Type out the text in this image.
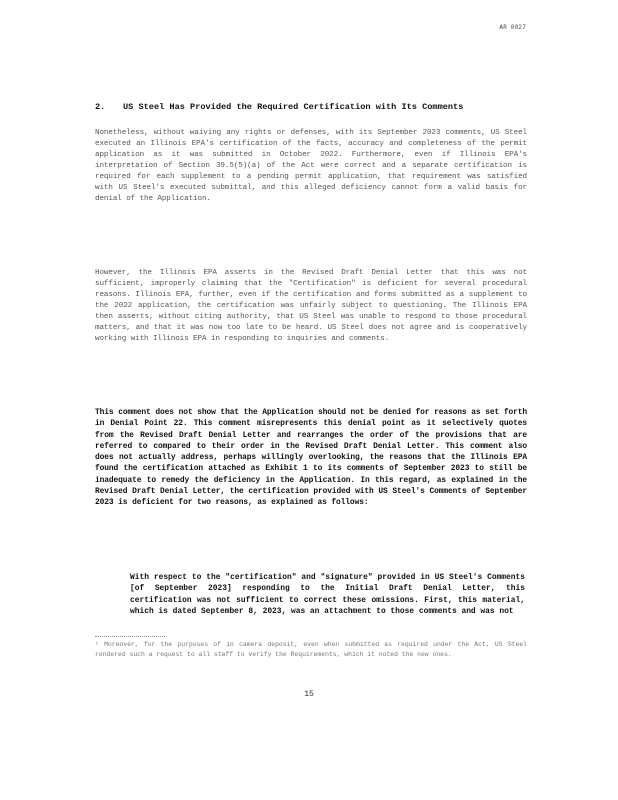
AR 0027
2. US Steel Has Provided the Required Certification with Its Comments
Nonetheless, without waiving any rights or defenses, with its September 2023 comments, US Steel executed an Illinois EPA's certification of the facts, accuracy and completeness of the permit application as it was submitted in October 2022. Furthermore, even if Illinois EPA's interpretation of Section 39.5(5)(a) of the Act were correct and a separate certification is required for each supplement to a pending permit application, that requirement was satisfied with US Steel's executed submittal, and this alleged deficiency cannot form a valid basis for denial of the Application.
However, the Illinois EPA asserts in the Revised Draft Denial Letter that this was not sufficient, improperly claiming that the "Certification" is deficient for several procedural reasons. Illinois EPA, further, even if the certification and forms submitted as a supplement to the 2022 application, the certification was unfairly subject to questioning. The Illinois EPA then asserts, without citing authority, that US Steel was unable to respond to those procedural matters, and that it was now too late to be heard. US Steel does not agree and is cooperatively working with Illinois EPA in responding to inquiries and comments.
This comment does not show that the Application should not be denied for reasons as set forth in Denial Point 22. This comment misrepresents this denial point as it selectively quotes from the Revised Draft Denial Letter and rearranges the order of the provisions that are referred to compared to their order in the Revised Draft Denial Letter. This comment also does not actually address, perhaps willingly overlooking, the reasons that the Illinois EPA found the certification attached as Exhibit 1 to its comments of September 2023 to still be inadequate to remedy the deficiency in the Application. In this regard, as explained in the Revised Draft Denial Letter, the certification provided with US Steel's Comments of September 2023 is deficient for two reasons, as explained as follows:
With respect to the "certification" and "signature" provided in US Steel's Comments [of September 2023] responding to the Initial Draft Denial Letter, this certification was not sufficient to correct these omissions. First, this material, which is dated September 8, 2023, was an attachment to those comments and was not
¹ Moreover, for the purposes of in camera deposit, even when submitted as required under the Act, US Steel rendered such a request to all staff to verify the Requirements, which it noted the new ones.
15
